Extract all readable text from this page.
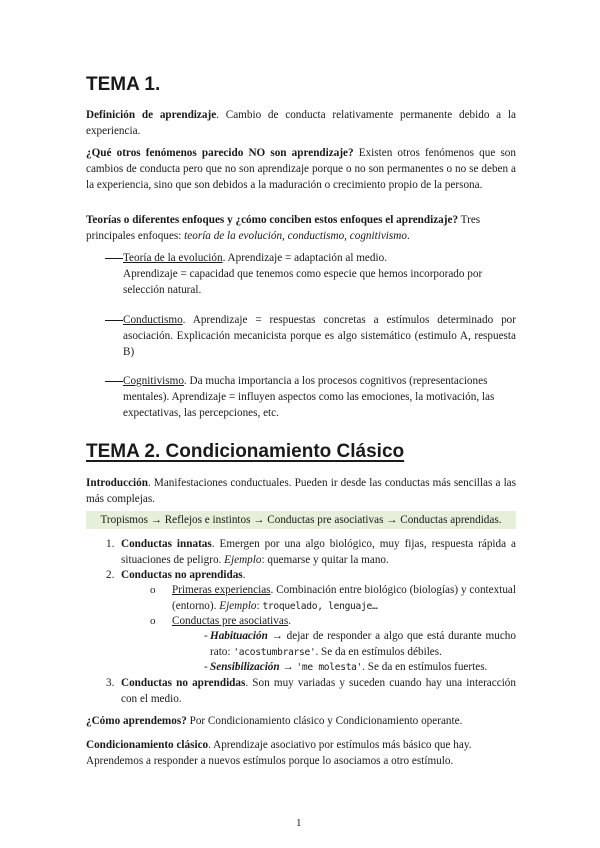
TEMA 1.

Definición de aprendizaje. Cambio de conducta relativamente permanente debido a la experiencia.

¿Qué otros fenómenos parecido NO son aprendizaje? Existen otros fenómenos que son cambios de conducta pero que no son aprendizaje porque o no son permanentes o no se deben a la experiencia, sino que son debidos a la maduración o crecimiento propio de la persona.

Teorías o diferentes enfoques y ¿cómo conciben estos enfoques el aprendizaje? Tres principales enfoques: teoría de la evolución, conductismo, cognitivismo.

Teoría de la evolución. Aprendizaje = adaptación al medio.
Aprendizaje = capacidad que tenemos como especie que hemos incorporado por selección natural.

Conductismo. Aprendizaje = respuestas concretas a estímulos determinado por asociación. Explicación mecanicista porque es algo sistemático (estimulo A, respuesta B)

Cognitivismo. Da mucha importancia a los procesos cognitivos (representaciones mentales). Aprendizaje = influyen aspectos como las emociones, la motivación, las expectativas, las percepciones, etc.

TEMA 2. Condicionamiento Clásico

Introducción. Manifestaciones conductuales. Pueden ir desde las conductas más sencillas a las más complejas.

Tropismos → Reflejos e instintos → Conductas pre asociativas → Conductas aprendidas.
1. Conductas innatas. Emergen por una algo biológico, muy fijas, respuesta rápida a situaciones de peligro. Ejemplo: quemarse y quitar la mano.

2. Conductas no aprendidas.

o Primeras experiencias. Combinación entre biológico (biologías) y contextual (entorno). Ejemplo: troquelado, lenguaje…

o Conductas pre asociativas.

- Habituación → dejar de responder a algo que está durante mucho rato: 'acostumbrarse'. Se da en estímulos débiles.

- Sensibilización → 'me molesta'. Se da en estímulos fuertes.

3. Conductas no aprendidas. Son muy variadas y suceden cuando hay una interacción con el medio.

¿Cómo aprendemos? Por Condicionamiento clásico y Condicionamiento operante.

Condicionamiento clásico. Aprendizaje asociativo por estímulos más básico que hay. Aprendemos a responder a nuevos estímulos porque lo asociamos a otro estímulo.

1
